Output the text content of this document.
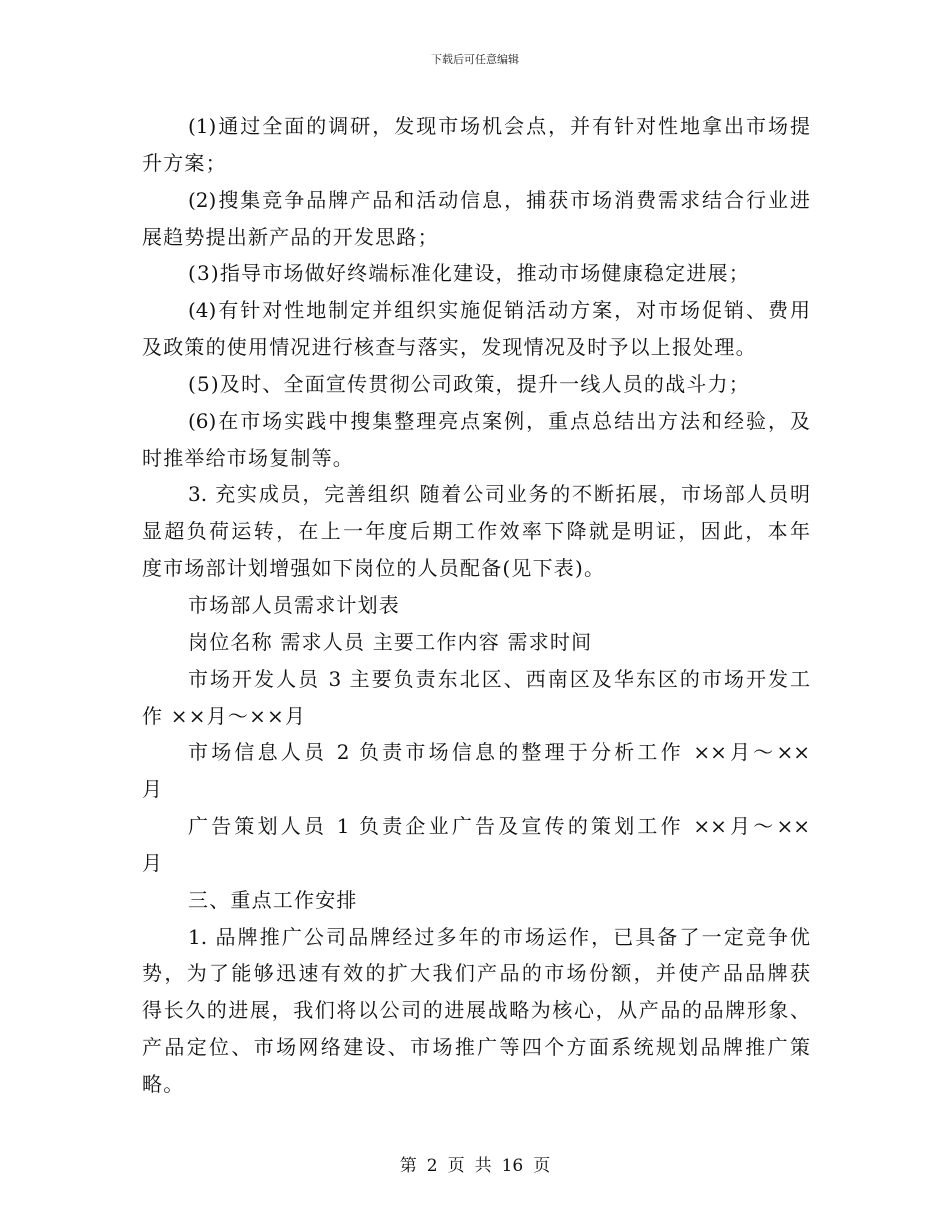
下载后可任意编辑
(1)通过全面的调研，发现市场机会点，并有针对性地拿出市场提
升方案；
(2)搜集竞争品牌产品和活动信息，捕获市场消费需求结合行业进
展趋势提出新产品的开发思路；
(3)指导市场做好终端标准化建设，推动市场健康稳定进展；
(4)有针对性地制定并组织实施促销活动方案，对市场促销、费用
及政策的使用情况进行核查与落实，发现情况及时予以上报处理。
(5)及时、全面宣传贯彻公司政策，提升一线人员的战斗力；
(6)在市场实践中搜集整理亮点案例，重点总结出方法和经验，及
时推举给市场复制等。
3. 充实成员，完善组织 随着公司业务的不断拓展，市场部人员明
显超负荷运转，在上一年度后期工作效率下降就是明证，因此，本年
度市场部计划增强如下岗位的人员配备(见下表)。
市场部人员需求计划表
岗位名称 需求人员 主要工作内容 需求时间
市场开发人员 3 主要负责东北区、西南区及华东区的市场开发工
作 ××月～××月
市场信息人员 2 负责市场信息的整理于分析工作 ××月～××
月
广告策划人员 1 负责企业广告及宣传的策划工作 ××月～××
月
三、重点工作安排
1. 品牌推广公司品牌经过多年的市场运作，已具备了一定竞争优
势，为了能够迅速有效的扩大我们产品的市场份额，并使产品品牌获
得长久的进展，我们将以公司的进展战略为核心，从产品的品牌形象、
产品定位、市场网络建设、市场推广等四个方面系统规划品牌推广策
略。
第 2 页 共 16 页
